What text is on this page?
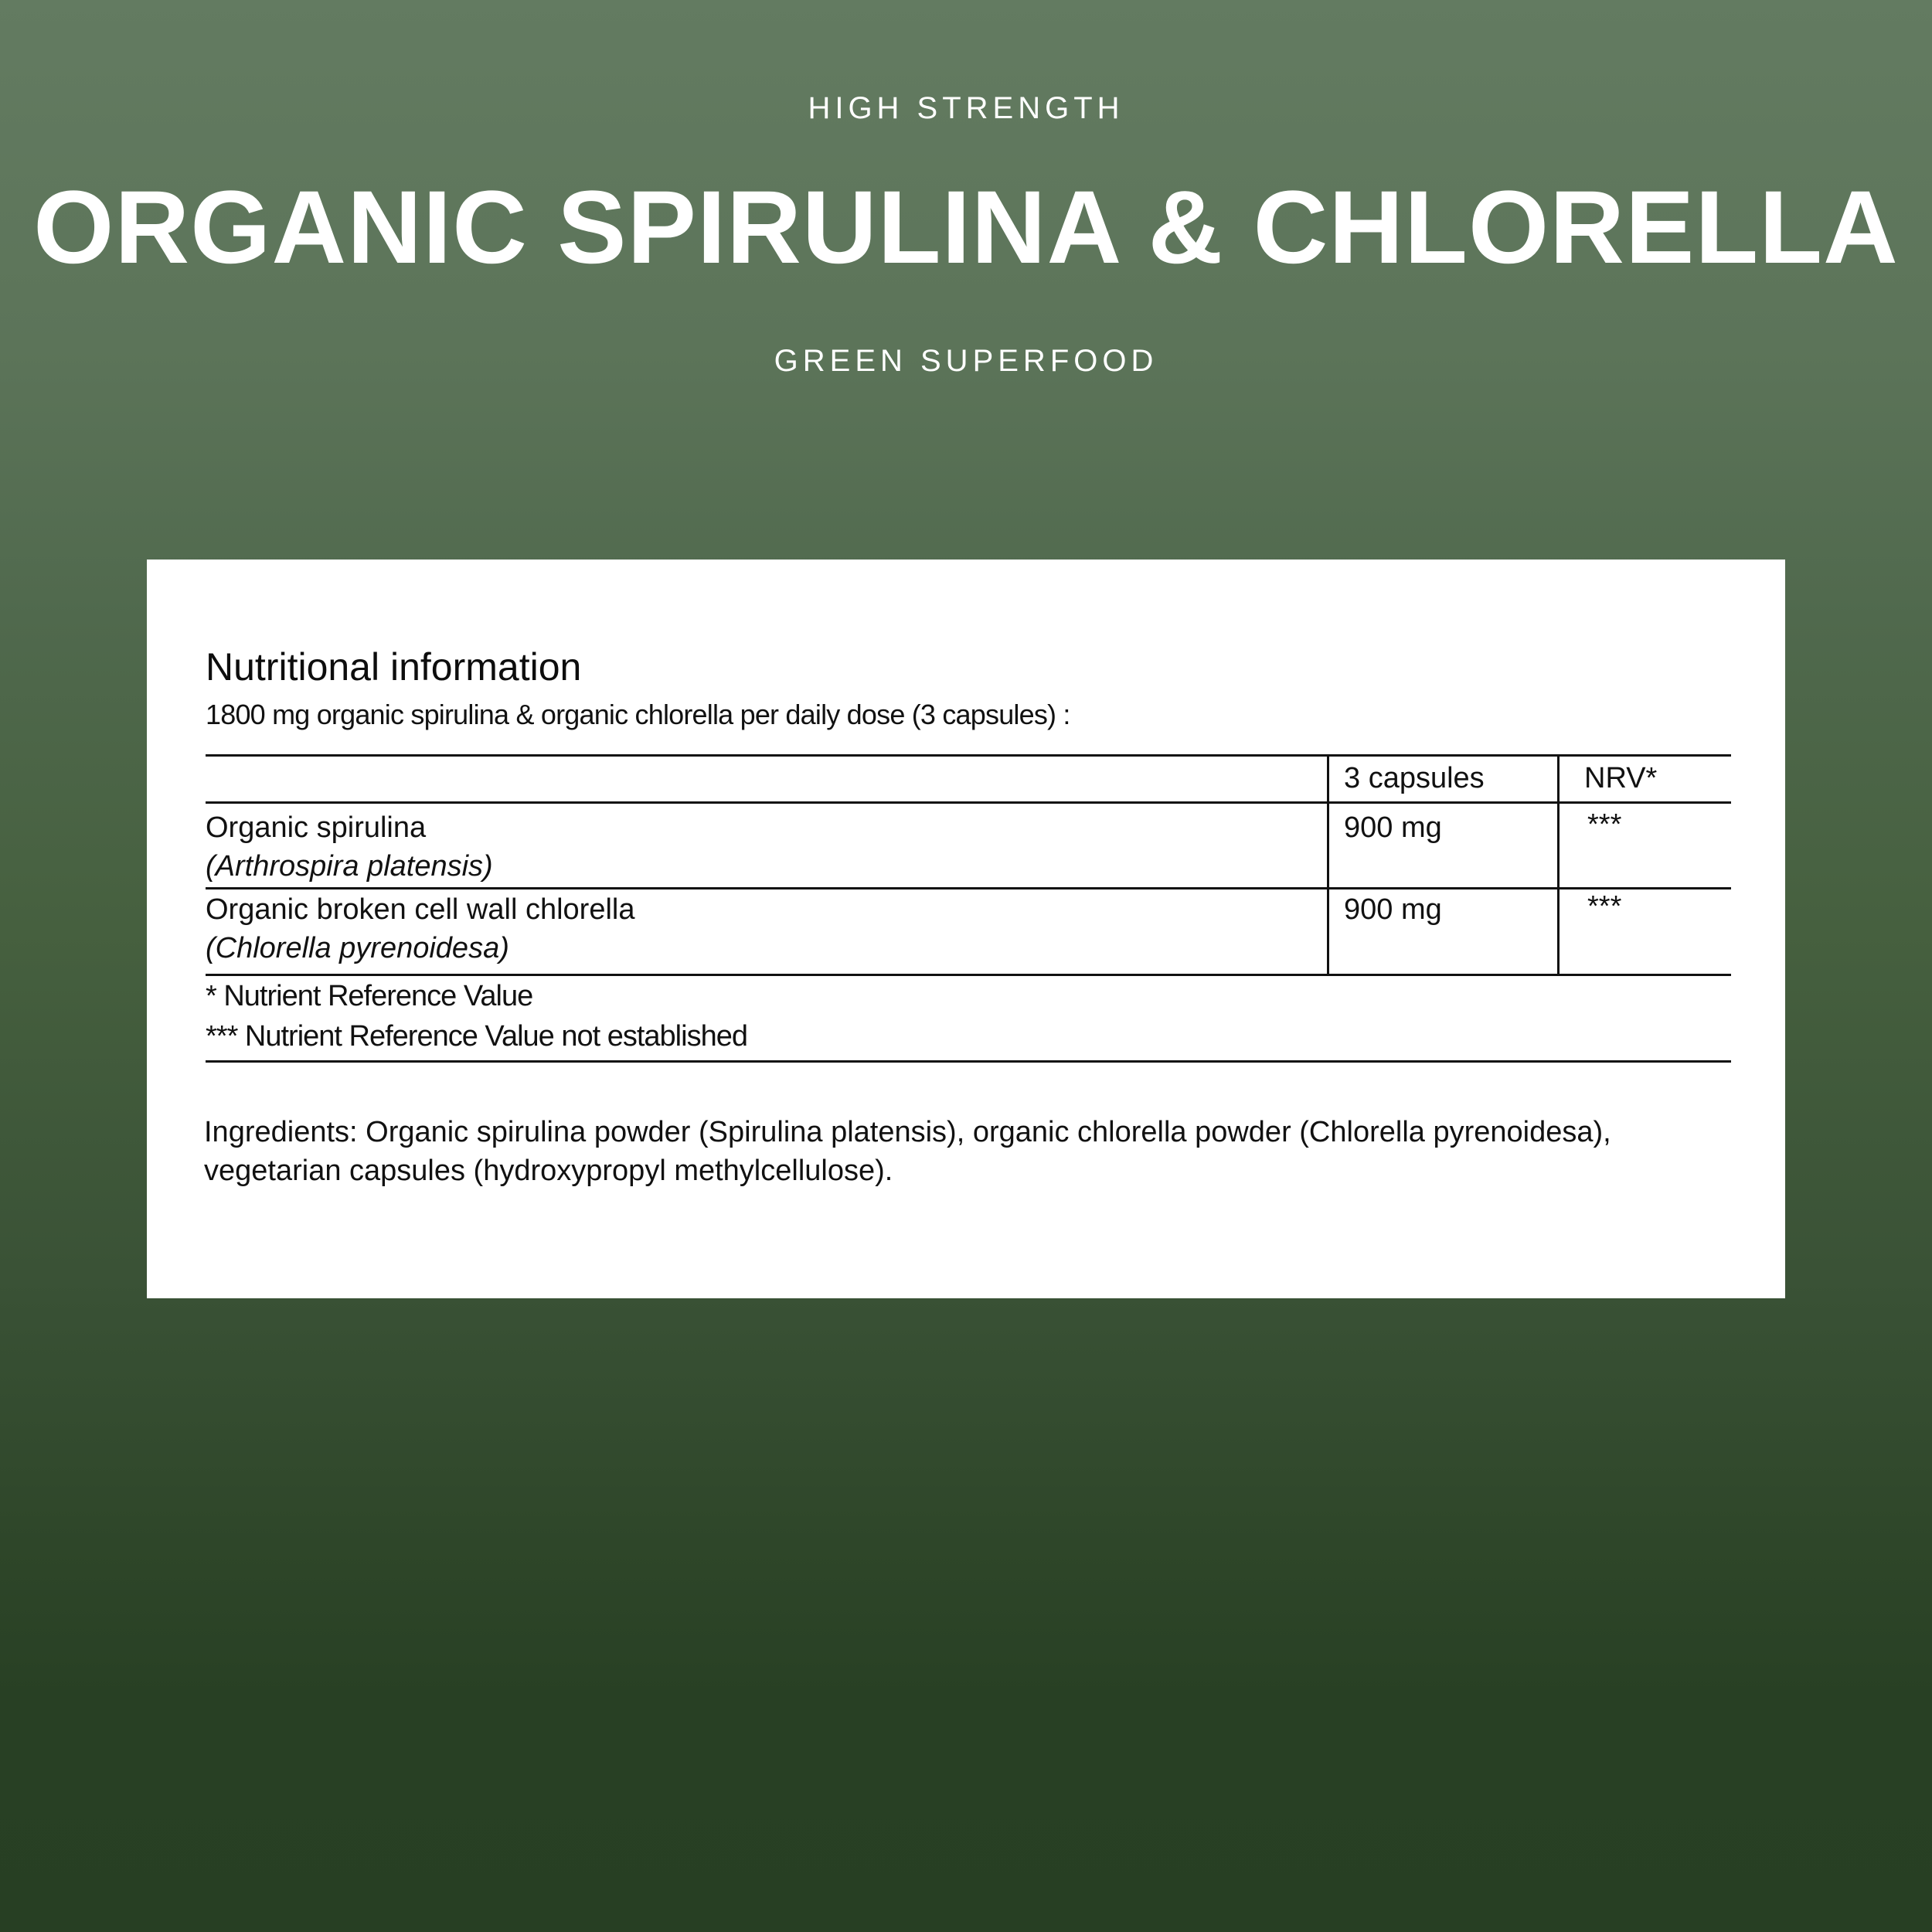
HIGH STRENGTH
ORGANIC SPIRULINA & CHLORELLA
GREEN SUPERFOOD
Nutritional information
1800 mg organic spirulina & organic chlorella per daily dose (3 capsules) :
3 capsules	NRV*
Organic spirulina
(Arthrospira platensis)
900 mg	***
Organic broken cell wall chlorella
(Chlorella pyrenoidesa)
900 mg	***
* Nutrient Reference Value
*** Nutrient Reference Value not established
Ingredients: Organic spirulina powder (Spirulina platensis), organic chlorella powder (Chlorella pyrenoidesa), vegetarian capsules (hydroxypropyl methylcellulose).
